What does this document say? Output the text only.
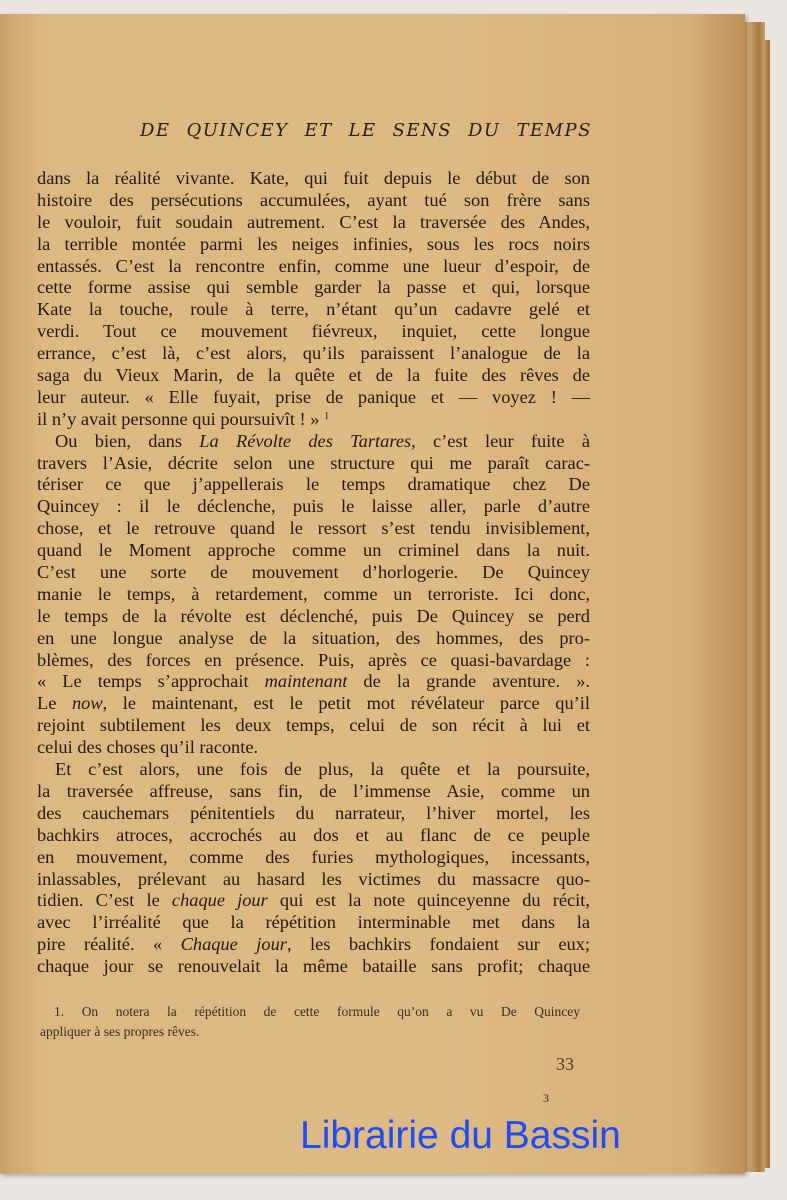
DE QUINCEY ET LE SENS DU TEMPS
dans la réalité vivante. Kate, qui fuit depuis le début de son
histoire des persécutions accumulées, ayant tué son frère sans
le vouloir, fuit soudain autrement. C’est la traversée des Andes,
la terrible montée parmi les neiges infinies, sous les rocs noirs
entassés. C’est la rencontre enfin, comme une lueur d’espoir, de
cette forme assise qui semble garder la passe et qui, lorsque
Kate la touche, roule à terre, n’étant qu’un cadavre gelé et
verdi. Tout ce mouvement fiévreux, inquiet, cette longue
errance, c’est là, c’est alors, qu’ils paraissent l’analogue de la
saga du Vieux Marin, de la quête et de la fuite des rêves de
leur auteur. « Elle fuyait, prise de panique et — voyez ! —
il n’y avait personne qui poursuivît ! » $^1$
Ou bien, dans La Révolte des Tartares, c’est leur fuite à
travers l’Asie, décrite selon une structure qui me paraît carac-
tériser ce que j’appellerais le temps dramatique chez De
Quincey : il le déclenche, puis le laisse aller, parle d’autre
chose, et le retrouve quand le ressort s’est tendu invisiblement,
quand le Moment approche comme un criminel dans la nuit.
C’est une sorte de mouvement d’horlogerie. De Quincey
manie le temps, à retardement, comme un terroriste. Ici donc,
le temps de la révolte est déclenché, puis De Quincey se perd
en une longue analyse de la situation, des hommes, des pro-
blèmes, des forces en présence. Puis, après ce quasi-bavardage :
« Le temps s’approchait maintenant de la grande aventure. ».
Le now, le maintenant, est le petit mot révélateur parce qu’il
rejoint subtilement les deux temps, celui de son récit à lui et
celui des choses qu’il raconte.
Et c’est alors, une fois de plus, la quête et la poursuite,
la traversée affreuse, sans fin, de l’immense Asie, comme un
des cauchemars pénitentiels du narrateur, l’hiver mortel, les
bachkirs atroces, accrochés au dos et au flanc de ce peuple
en mouvement, comme des furies mythologiques, incessants,
inlassables, prélevant au hasard les victimes du massacre quo-
tidien. C’est le chaque jour qui est la note quinceyenne du récit,
avec l’irréalité que la répétition interminable met dans la
pire réalité. « Chaque jour, les bachkirs fondaient sur eux;
chaque jour se renouvelait la même bataille sans profit; chaque
1. On notera la répétition de cette formule qu’on a vu De Quincey
appliquer à ses propres rêves.
33
3
Librairie du Bassin
